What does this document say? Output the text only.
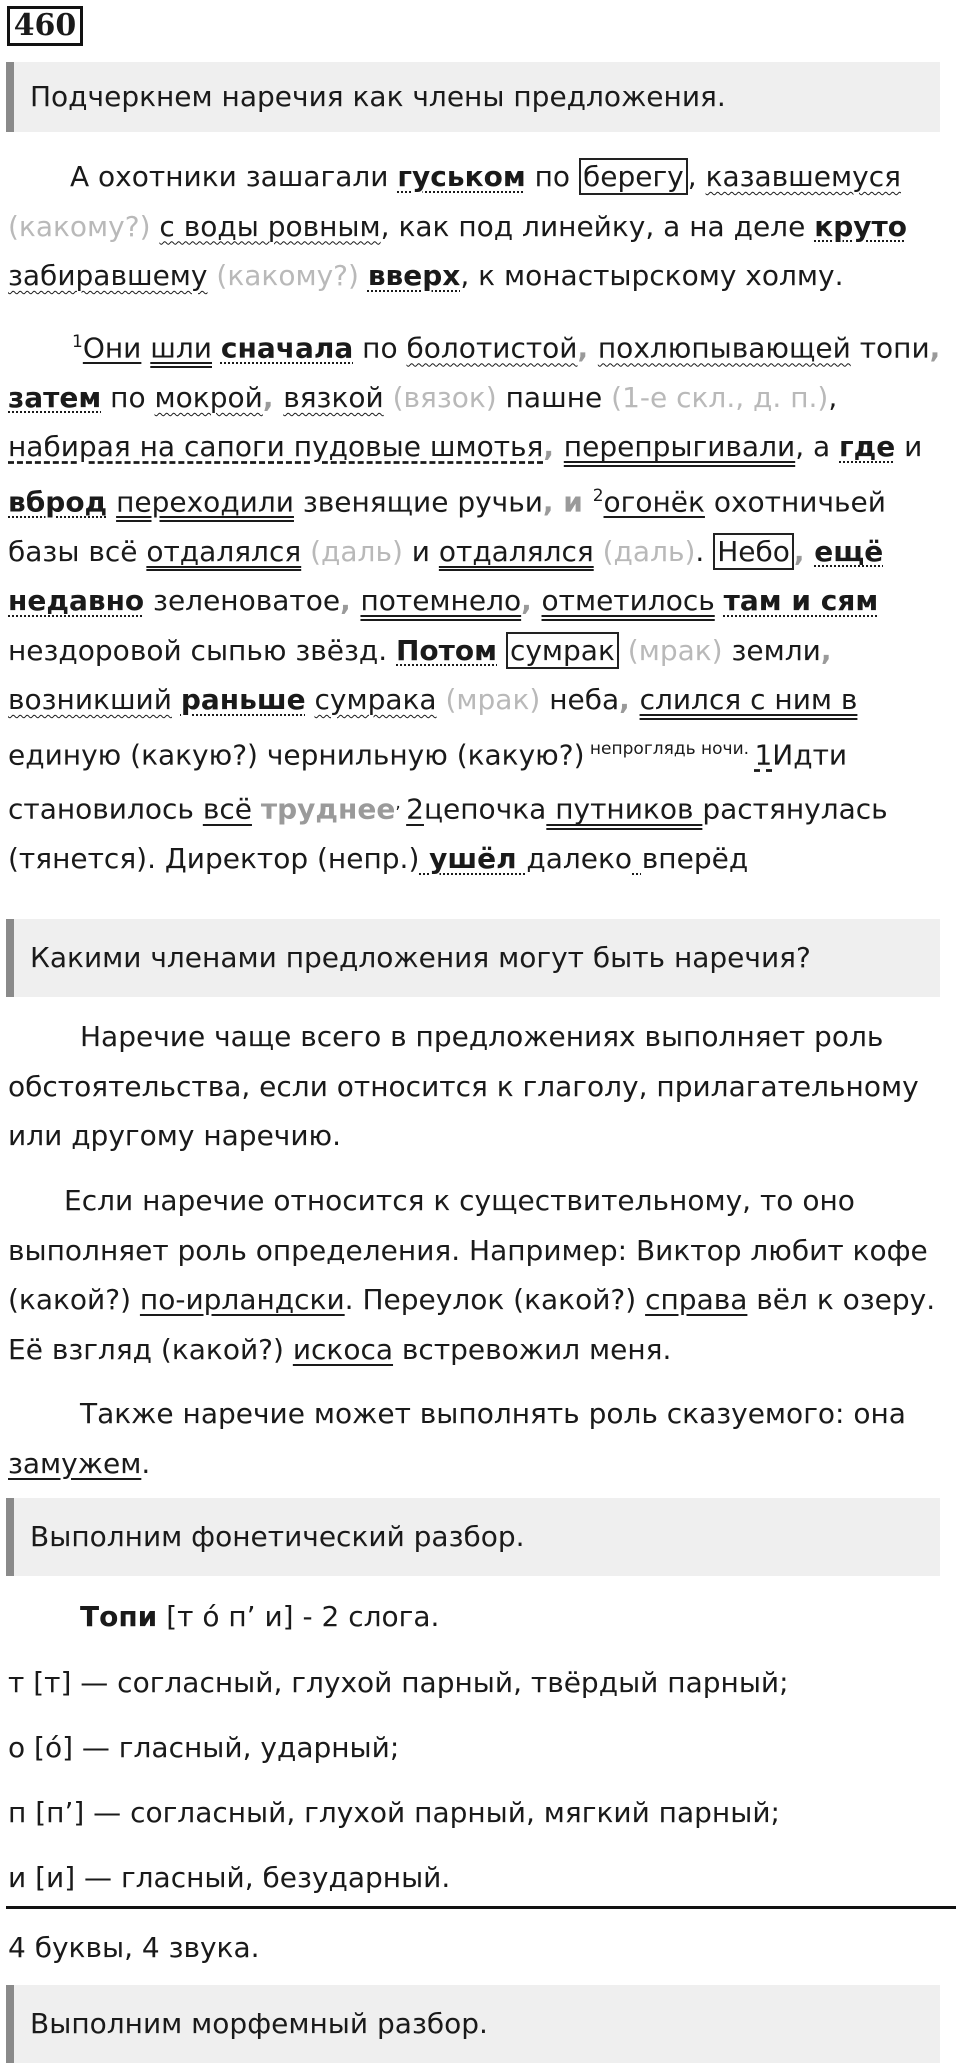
460
Подчеркнем наречия как члены предложения.
А охотники зашагали гуськом по берегу , казавшемуся (какому?) с воды ровным, как под линейку, а на деле круто забиравшему (какому?) вверх, к монастырскому холму.
$^1$Они шли сначала по болотистой, похлюпывающей топи, затем по мокрой, вязкой (вязок) пашне (1-е скл., д. п.), набирая на сапоги пудовые шмотья, перепрыгивали, а где и вброд переходили звенящие ручьи, и $^2$огонёк охотничьей базы всё отдалялся (даль) и отдалялся (даль). Небо , ещё недавно зеленоватое, потемнело, отметилось там и сям нездоровой сыпью звёзд. Потом сумрак (мрак) земли, возникший раньше сумрака (мрак) неба, слился с ним в единую (какую?) чернильную (какую?) $^{непроглядь ночи.}$ 1Идти становилось всё труднее, 2цепочка путников растянулась (тянется). Директор (непр.) ушёл далеко вперёд
Какими членами предложения могут быть наречия?
Наречие чаще всего в предложениях выполняет роль обстоятельства, если относится к глаголу, прилагательному или другому наречию.
Если наречие относится к существительному, то оно выполняет роль определения. Например: Виктор любит кофе (какой?) по-ирландски. Переулок (какой?) справа вёл к озеру. Её взгляд (какой?) искоса встревожил меня.
Также наречие может выполнять роль сказуемого: она замужем.
Выполним фонетический разбор.
Топи [т о́ п’ и] - 2 слога.
т [т] — согласный, глухой парный, твёрдый парный;
о [о́] — гласный, ударный;
п [п’] — согласный, глухой парный, мягкий парный;
и [и] — гласный, безударный.
4 буквы, 4 звука.
Выполним морфемный разбор.
